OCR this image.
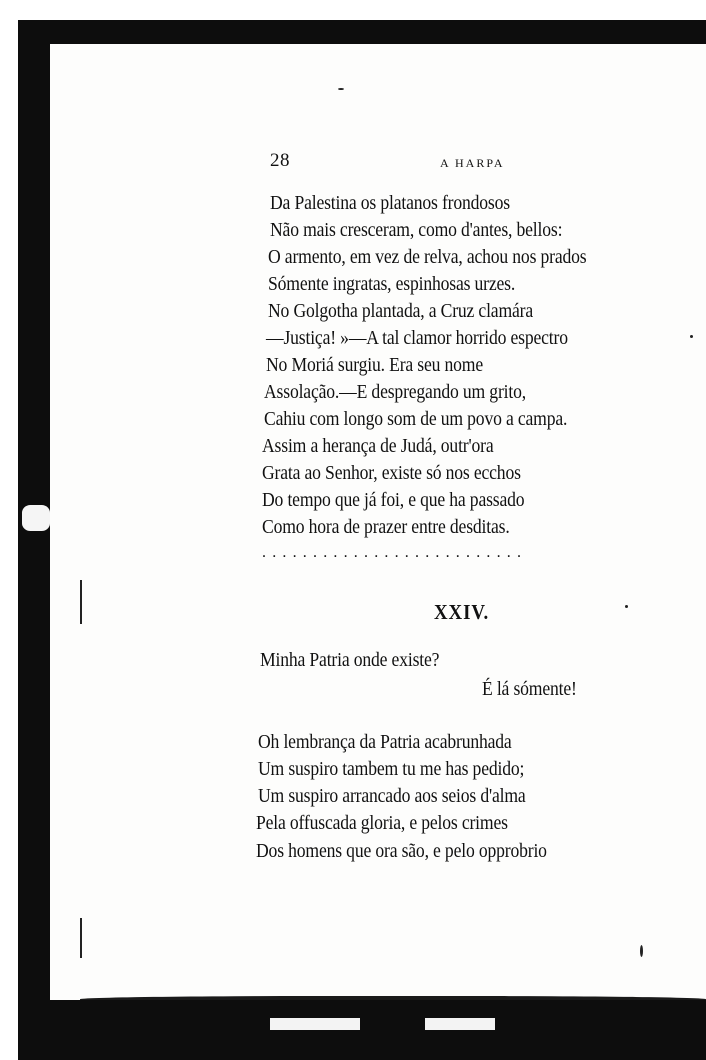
28	A HARPA
Da Palestina os platanos frondosos
Não mais cresceram, como d'antes, bellos:
O armento, em vez de relva, achou nos prados
Sómente ingratas, espinhosas urzes.
No Golgotha plantada, a Cruz clamára
—Justiça! »—A tal clamor horrido espectro
No Moriá surgiu. Era seu nome
Assolação.—E despregando um grito,
Cahiu com longo som de um povo a campa.
Assim a herança de Judá, outr'ora
Grata ao Senhor, existe só nos ecchos
Do tempo que já foi, e que ha passado
Como hora de prazer entre desditas.
..........................
XXIV.
Minha Patria onde existe?
É lá sómente!
Oh lembrança da Patria acabrunhada
Um suspiro tambem tu me has pedido;
Um suspiro arrancado aos seios d'alma
Pela offuscada gloria, e pelos crimes
Dos homens que ora são, e pelo opprobrio
